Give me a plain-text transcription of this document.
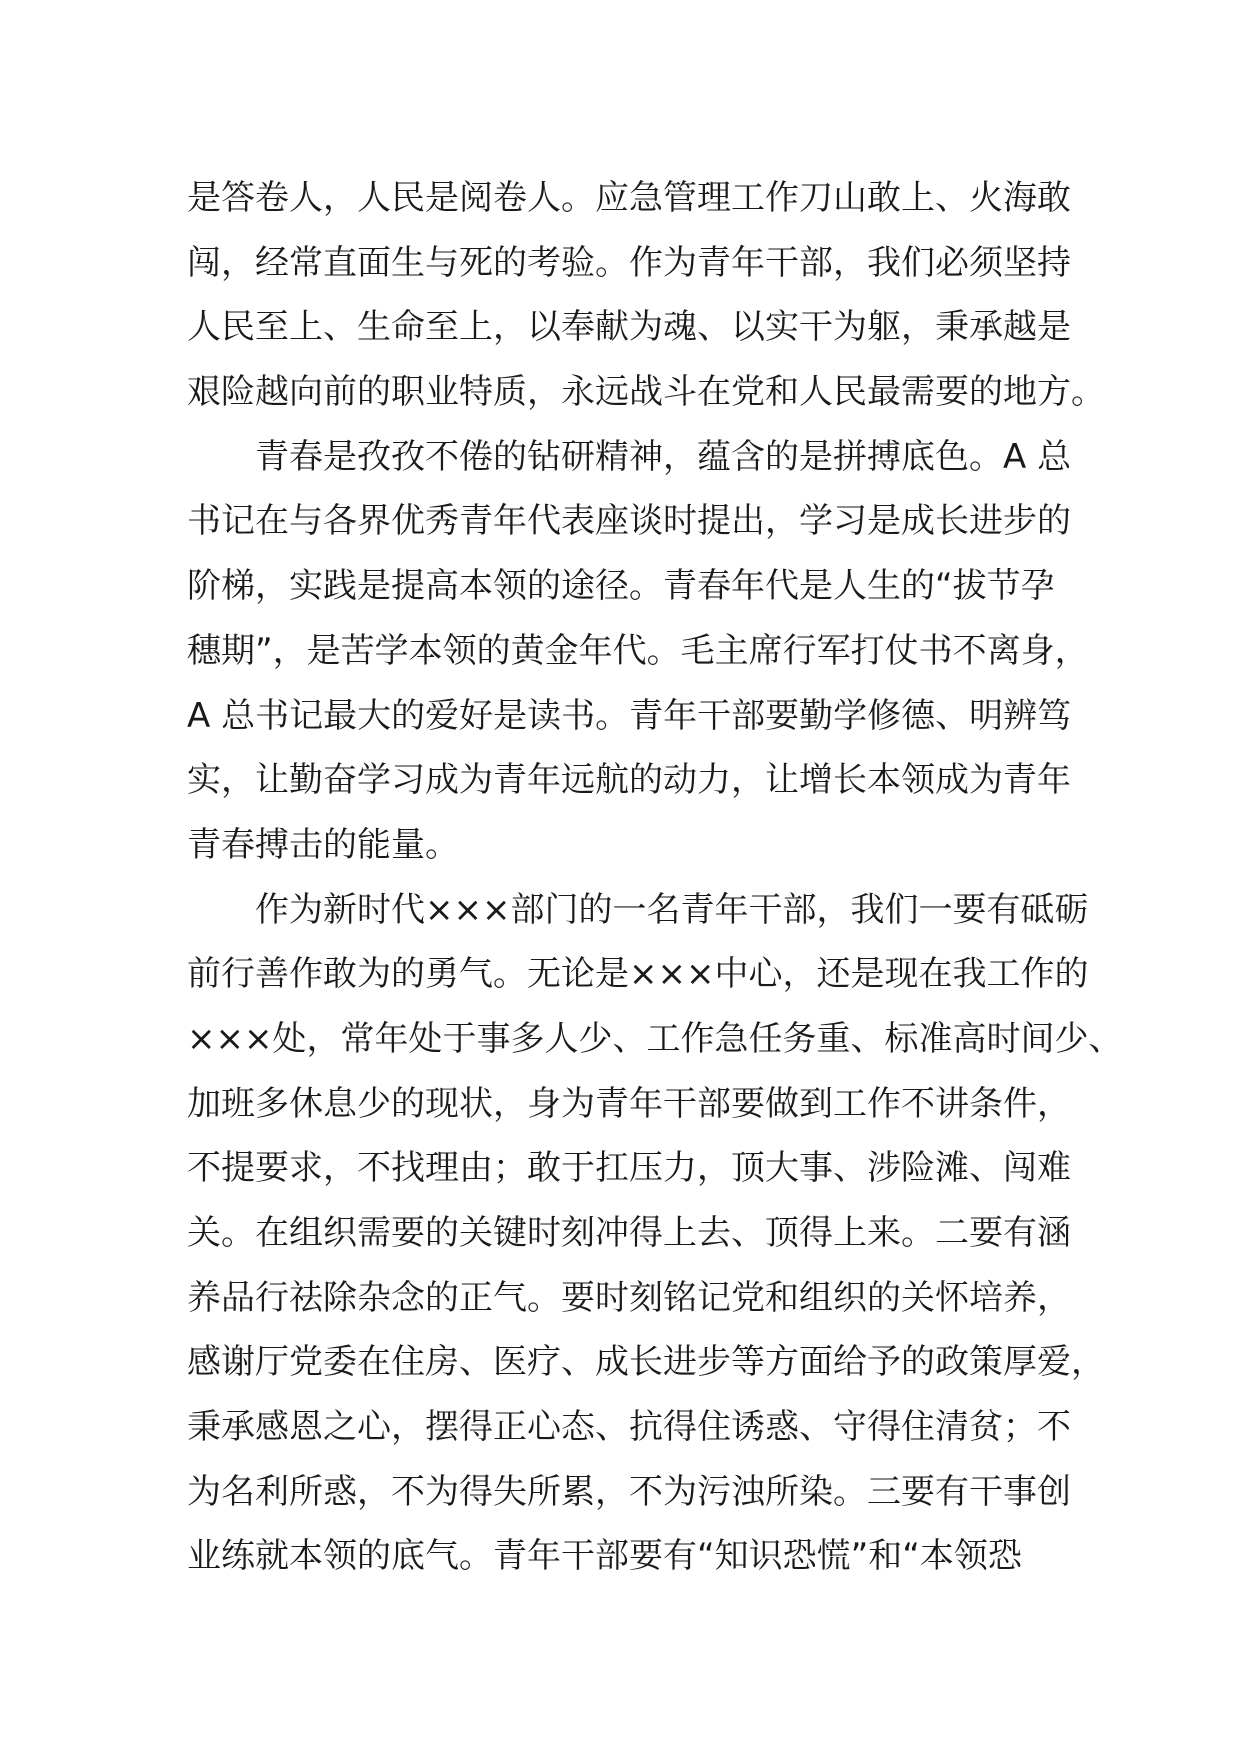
是答卷人，人民是阅卷人。应急管理工作刀山敢上、火海敢
闯，经常直面生与死的考验。作为青年干部，我们必须坚持
人民至上、生命至上，以奉献为魂、以实干为躯，秉承越是
艰险越向前的职业特质，永远战斗在党和人民最需要的地方。
青春是孜孜不倦的钻研精神，蕴含的是拼搏底色。A 总
书记在与各界优秀青年代表座谈时提出，学习是成长进步的
阶梯，实践是提高本领的途径。青春年代是人生的“拔节孕
穗期”，是苦学本领的黄金年代。毛主席行军打仗书不离身，
A 总书记最大的爱好是读书。青年干部要勤学修德、明辨笃
实，让勤奋学习成为青年远航的动力，让增长本领成为青年
青春搏击的能量。
作为新时代×××部门的一名青年干部，我们一要有砥砺
前行善作敢为的勇气。无论是×××中心，还是现在我工作的
×××处，常年处于事多人少、工作急任务重、标准高时间少、
加班多休息少的现状，身为青年干部要做到工作不讲条件，
不提要求，不找理由；敢于扛压力，顶大事、涉险滩、闯难
关。在组织需要的关键时刻冲得上去、顶得上来。二要有涵
养品行祛除杂念的正气。要时刻铭记党和组织的关怀培养，
感谢厅党委在住房、医疗、成长进步等方面给予的政策厚爱，
秉承感恩之心，摆得正心态、抗得住诱惑、守得住清贫；不
为名利所惑，不为得失所累，不为污浊所染。三要有干事创
业练就本领的底气。青年干部要有“知识恐慌”和“本领恐
